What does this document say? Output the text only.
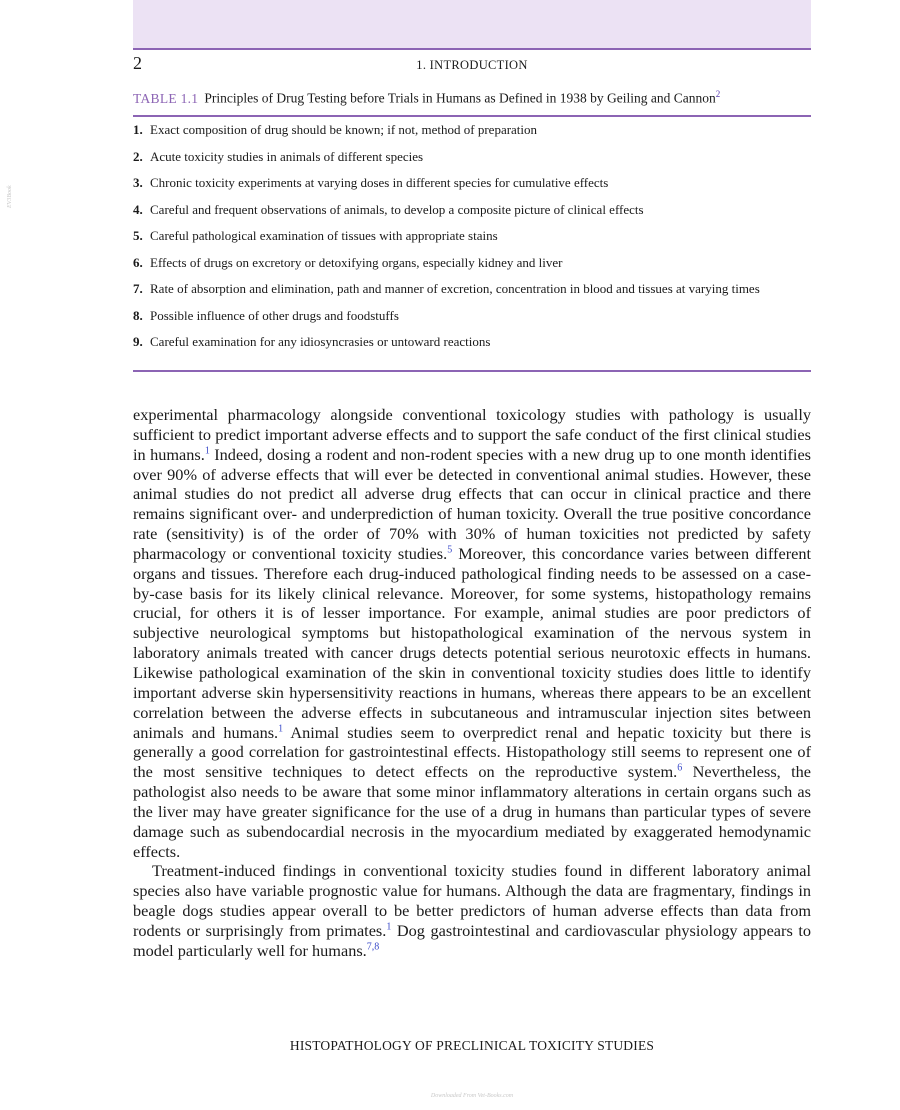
2	1. INTRODUCTION
EV3Book
TABLE 1.1 Principles of Drug Testing before Trials in Humans as Defined in 1938 by Geiling and Cannon$^2$
1. Exact composition of drug should be known; if not, method of preparation
2. Acute toxicity studies in animals of different species
3. Chronic toxicity experiments at varying doses in different species for cumulative effects
4. Careful and frequent observations of animals, to develop a composite picture of clinical effects
5. Careful pathological examination of tissues with appropriate stains
6. Effects of drugs on excretory or detoxifying organs, especially kidney and liver
7. Rate of absorption and elimination, path and manner of excretion, concentration in blood and tissues at varying times
8. Possible influence of other drugs and foodstuffs
9. Careful examination for any idiosyncrasies or untoward reactions

experimental pharmacology alongside conventional toxicology studies with pathology is usually sufficient to predict important adverse effects and to support the safe conduct of the first clinical studies in humans.$^1$ Indeed, dosing a rodent and non-rodent species with a new drug up to one month identifies over 90% of adverse effects that will ever be detected in conventional animal studies. However, these animal studies do not predict all adverse drug effects that can occur in clinical practice and there remains significant over- and underprediction of human toxicity. Overall the true positive concordance rate (sensitivity) is of the order of 70% with 30% of human toxicities not predicted by safety pharmacology or conventional toxicity studies.$^5$ Moreover, this concordance varies between different organs and tissues. Therefore each drug-induced pathological finding needs to be assessed on a case-by-case basis for its likely clinical relevance. Moreover, for some systems, histopathology remains crucial, for others it is of lesser importance. For example, animal studies are poor predictors of subjective neurological symptoms but histopathological examination of the nervous system in laboratory animals treated with cancer drugs detects potential serious neurotoxic effects in humans. Likewise pathological examination of the skin in conventional toxicity studies does little to identify important adverse skin hypersensitivity reactions in humans, whereas there appears to be an excellent correlation between the adverse effects in subcutaneous and intramuscular injection sites between animals and humans.$^1$ Animal studies seem to overpredict renal and hepatic toxicity but there is generally a good correlation for gastrointestinal effects. Histopathology still seems to represent one of the most sensitive techniques to detect effects on the reproductive system.$^6$ Nevertheless, the pathologist also needs to be aware that some minor inflammatory alterations in certain organs such as the liver may have greater significance for the use of a drug in humans than particular types of severe damage such as subendocardial necrosis in the myocardium mediated by exaggerated hemodynamic effects.

Treatment-induced findings in conventional toxicity studies found in different laboratory animal species also have variable prognostic value for humans. Although the data are fragmentary, findings in beagle dogs studies appear overall to be better predictors of human adverse effects than data from rodents or surprisingly from primates.$^1$ Dog gastrointestinal and cardiovascular physiology appears to model particularly well for humans.$^{7,8}$

HISTOPATHOLOGY OF PRECLINICAL TOXICITY STUDIES
Downloaded From Vet-Books.com
